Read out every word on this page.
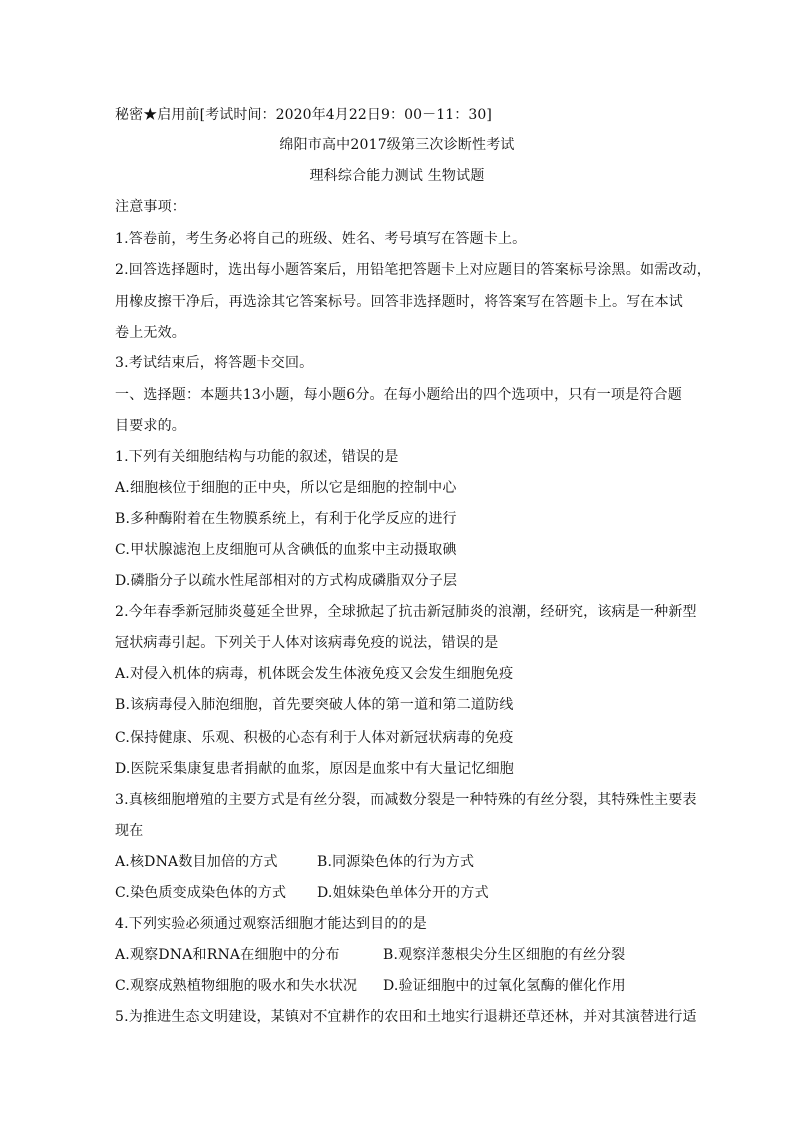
秘密★启用前[考试时间：2020年4月22日9：00－11：30]
绵阳市高中2017级第三次诊断性考试
理科综合能力测试 生物试题
注意事项：
1.答卷前，考生务必将自己的班级、姓名、考号填写在答题卡上。
2.回答选择题时，选出每小题答案后，用铅笔把答题卡上对应题目的答案标号涂黑。如需改动，
用橡皮擦干净后，再选涂其它答案标号。回答非选择题时，将答案写在答题卡上。写在本试
卷上无效。
3.考试结束后，将答题卡交回。
一、选择题：本题共13小题，每小题6分。在每小题给出的四个选项中，只有一项是符合题
目要求的。
1.下列有关细胞结构与功能的叙述，错误的是
A.细胞核位于细胞的正中央，所以它是细胞的控制中心
B.多种酶附着在生物膜系统上，有利于化学反应的进行
C.甲状腺滤泡上皮细胞可从含碘低的血浆中主动摄取碘
D.磷脂分子以疏水性尾部相对的方式构成磷脂双分子层
2.今年春季新冠肺炎蔓延全世界，全球掀起了抗击新冠肺炎的浪潮，经研究，该病是一种新型
冠状病毒引起。下列关于人体对该病毒免疫的说法，错误的是
A.对侵入机体的病毒，机体既会发生体液免疫又会发生细胞免疫
B.该病毒侵入肺泡细胞，首先要突破人体的第一道和第二道防线
C.保持健康、乐观、积极的心态有利于人体对新冠状病毒的免疫
D.医院采集康复患者捐献的血浆，原因是血浆中有大量记忆细胞
3.真核细胞增殖的主要方式是有丝分裂，而减数分裂是一种特殊的有丝分裂，其特殊性主要表
现在
A.核DNA数目加倍的方式	B.同源染色体的行为方式
C.染色质变成染色体的方式 D.姐妹染色单体分开的方式
4.下列实验必须通过观察活细胞才能达到目的的是
A.观察DNA和RNA在细胞中的分布	B.观察洋葱根尖分生区细胞的有丝分裂
C.观察成熟植物细胞的吸水和失水状况 D.验证细胞中的过氧化氢酶的催化作用
5.为推进生态文明建设，某镇对不宜耕作的农田和土地实行退耕还草还林，并对其演替进行适
